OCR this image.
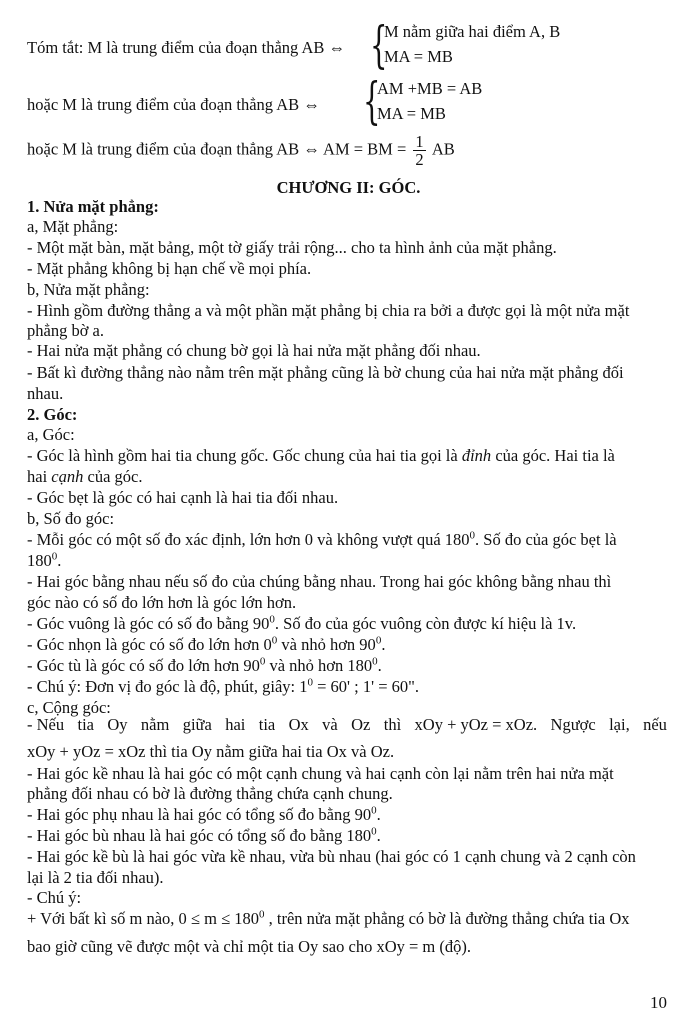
Tóm tắt: M là trung điểm của đoạn thẳng AB ⇔ {
M nằm giữa hai điểm A, B
MA = MB
hoặc M là trung điểm của đoạn thẳng AB ⇔ {
AM +MB = AB
MA = MB
hoặc M là trung điểm của đoạn thẳng AB ⇔ AM = BM = $\frac{1}{2}$ AB
CHƯƠNG II: GÓC.
1. Nửa mặt phẳng:
a, Mặt phẳng:
- Một mặt bàn, mặt bảng, một tờ giấy trải rộng... cho ta hình ảnh của mặt phẳng.
- Mặt phẳng không bị hạn chế về mọi phía.
b, Nửa mặt phẳng:
- Hình gồm đường thẳng a và một phần mặt phẳng bị chia ra bởi a được gọi là một nửa mặt
phẳng bờ a.
- Hai nửa mặt phẳng có chung bờ gọi là hai nửa mặt phẳng đối nhau.
- Bất kì đường thẳng nào nằm trên mặt phẳng cũng là bờ chung của hai nửa mặt phẳng đối
nhau.
2. Góc:
a, Góc:
- Góc là hình gồm hai tia chung gốc. Gốc chung của hai tia gọi là đỉnh của góc. Hai tia là
hai cạnh của góc.
- Góc bẹt là góc có hai cạnh là hai tia đối nhau.
b, Số đo góc:
- Mỗi góc có một số đo xác định, lớn hơn 0 và không vượt quá $180^0$. Số đo của góc bẹt là
$180^0$.
- Hai góc bằng nhau nếu số đo của chúng bằng nhau. Trong hai góc không bằng nhau thì
góc nào có số đo lớn hơn là góc lớn hơn.
- Góc vuông là góc có số đo bằng $90^0$. Số đo của góc vuông còn được kí hiệu là 1v.
- Góc nhọn là góc có số đo lớn hơn $0^0$ và nhỏ hơn $90^0$.
- Góc tù là góc có số đo lớn hơn $90^0$ và nhỏ hơn $180^0$.
- Chú ý: Đơn vị đo góc là độ, phút, giây: $1^0 = 60'$ ; 1' = 60".
c, Cộng góc:
- Nếu tia Oy nằm giữa hai tia Ox và Oz thì xOy + yOz = xOz. Ngược lại, nếu
xOy + yOz = xOz thì tia Oy nằm giữa hai tia Ox và Oz.
- Hai góc kề nhau là hai góc có một cạnh chung và hai cạnh còn lại nằm trên hai nửa mặt
phẳng đối nhau có bờ là đường thẳng chứa cạnh chung.
- Hai góc phụ nhau là hai góc có tổng số đo bằng $90^0$.
- Hai góc bù nhau là hai góc có tổng số đo bằng $180^0$.
- Hai góc kề bù là hai góc vừa kề nhau, vừa bù nhau (hai góc có 1 cạnh chung và 2 cạnh còn
lại là 2 tia đối nhau).
- Chú ý:
+ Với bất kì số m nào, $0 \le m \le 180^0$ , trên nửa mặt phẳng có bờ là đường thẳng chứa tia Ox
bao giờ cũng vẽ được một và chỉ một tia Oy sao cho xOy = m (độ).
10
